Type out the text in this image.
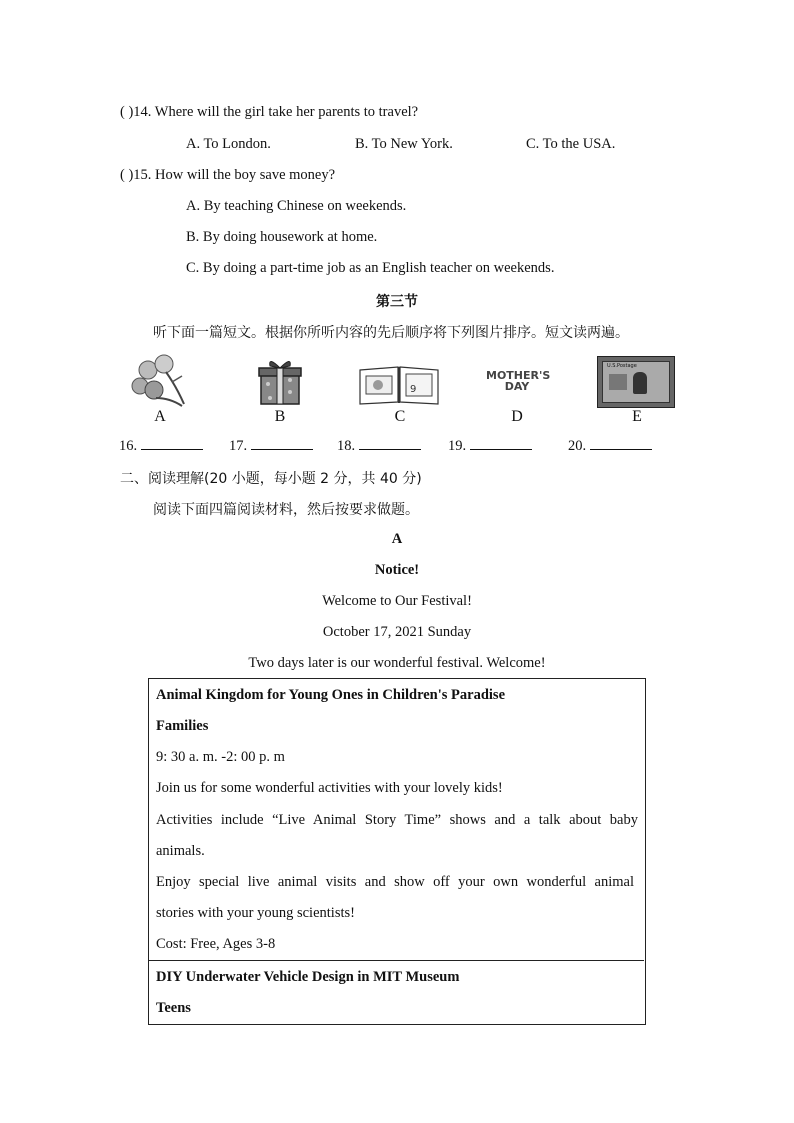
( )14. Where will the girl take her parents to travel?
A. To London.	B. To New York.	C. To the USA.
( )15. How will the boy save money?
A. By teaching Chinese on weekends.
B. By doing housework at home.
C. By doing a part-time job as an English teacher on weekends.
第三节
听下面一篇短文。根据你所听内容的先后顺序将下列图片排序。短文读两遍。
9
MOTHER'S
DAY
U.S.Postage
A	B	C	D	E
16.	17.	18.	19.	20.
二、阅读理解(20 小题，每小题 2 分，共 40 分)
阅读下面四篇阅读材料，然后按要求做题。
A
Notice!
Welcome to Our Festival!
October 17, 2021 Sunday
Two days later is our wonderful festival. Welcome!
Animal Kingdom for Young Ones in Children's Paradise
Families
9: 30 a. m. -2: 00 p. m
Join us for some wonderful activities with your lovely kids!
Activities include “Live Animal Story Time” shows and a talk about baby
animals.
Enjoy special live animal visits and show off your own wonderful animal
stories with your young scientists!
Cost: Free, Ages 3-8
DIY Underwater Vehicle Design in MIT Museum
Teens
